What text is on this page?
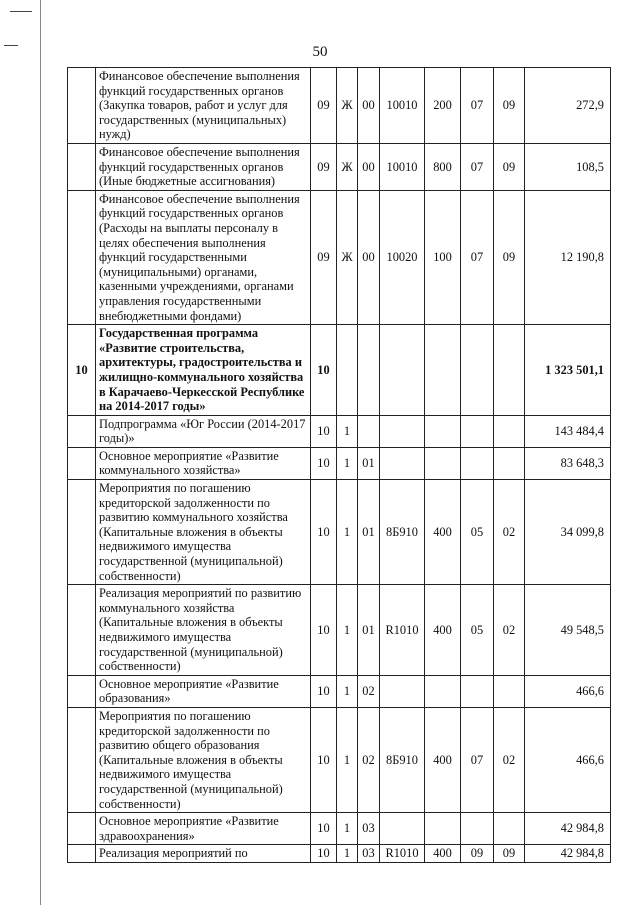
50
	Финансовое обеспечение выполнения функций государственных органов (Закупка товаров, работ и услуг для государственных (муниципальных) нужд)	09	Ж	00	10010	200	07	09	272,9
	Финансовое обеспечение выполнения функций государственных органов (Иные бюджетные ассигнования)	09	Ж	00	10010	800	07	09	108,5
	Финансовое обеспечение выполнения функций государственных органов (Расходы на выплаты персоналу в целях обеспечения выполнения функций государственными (муниципальными) органами, казенными учреждениями, органами управления государственными внебюджетными фондами)	09	Ж	00	10020	100	07	09	12 190,8
10	Государственная программа «Развитие строительства, архитектуры, градостроительства и жилищно-коммунального хозяйства в Карачаево-Черкесской Республике на 2014-2017 годы»	10							1 323 501,1
	Подпрограмма «Юг России (2014-2017 годы)»	10	1						143 484,4
	Основное мероприятие «Развитие коммунального хозяйства»	10	1	01					83 648,3
	Мероприятия по погашению кредиторской задолженности по развитию коммунального хозяйства (Капитальные вложения в объекты недвижимого имущества государственной (муниципальной) собственности)	10	1	01	8Б910	400	05	02	34 099,8
	Реализация мероприятий по развитию коммунального хозяйства (Капитальные вложения в объекты недвижимого имущества государственной (муниципальной) собственности)	10	1	01	R1010	400	05	02	49 548,5
	Основное мероприятие «Развитие образования»	10	1	02					466,6
	Мероприятия по погашению кредиторской задолженности по развитию общего образования (Капитальные вложения в объекты недвижимого имущества государственной (муниципальной) собственности)	10	1	02	8Б910	400	07	02	466,6
	Основное мероприятие «Развитие здравоохранения»	10	1	03					42 984,8
	Реализация мероприятий по	10	1	03	R1010	400	09	09	42 984,8
